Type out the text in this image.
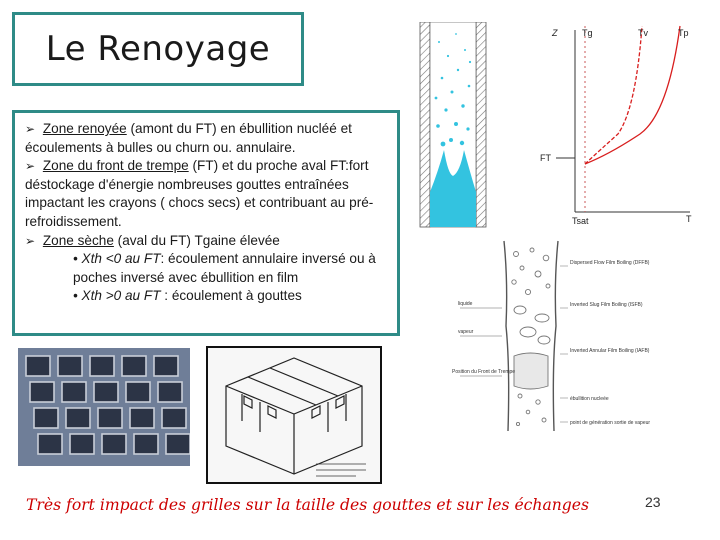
Le Renoyage

➢ Zone renoyée (amont du FT) en ébullition nucléé et écoulements à bulles ou churn ou. annulaire.

➢ Zone du front de trempe (FT) et du proche aval FT:fort déstockage d'énergie nombreuses gouttes entraînées impactant les crayons ( chocs secs) et contribuant au pré-refroidissement.

➢ Zone sèche (aval du FT) Tgaine élevée

• Xth <0 au FT: écoulement annulaire inversé ou à poches inversé avec ébullition en film

• Xth >0 au FT : écoulement à gouttes

Z	Tg	Tv	Tp
FT
Tsat	T
Dispersed Flow Film Boiling (DFFB)
Inverted Slug Film Boiling (ISFB)
Inverted Annular Film Boiling (IAFB)
ébullition nucleée
point de génération sortie de vapeur
liquide
vapeur
Position du Front de Trempe
Très fort impact des grilles sur la taille des gouttes et sur les échanges	23
